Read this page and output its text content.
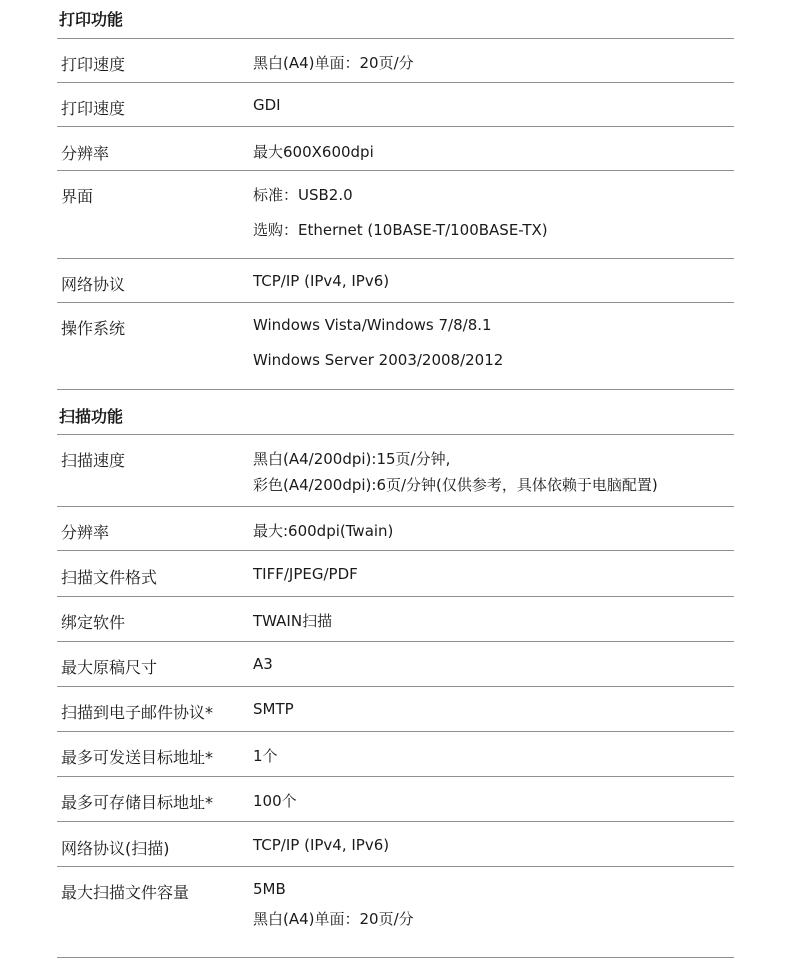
打印功能
打印速度	黑白(A4)单面：20页/分
打印速度	GDI
分辨率	最大600X600dpi
界面	标准：USB2.0
选购：Ethernet (10BASE-T/100BASE-TX)
网络协议	TCP/IP (IPv4, IPv6)
操作系统	Windows Vista/Windows 7/8/8.1
Windows Server 2003/2008/2012
扫描功能
扫描速度	黑白(A4/200dpi):15页/分钟,
彩色(A4/200dpi):6页/分钟(仅供参考，具体依赖于电脑配置)
分辨率	最大:600dpi(Twain)
扫描文件格式	TIFF/JPEG/PDF
绑定软件	TWAIN扫描
最大原稿尺寸	A3
扫描到电子邮件协议*	SMTP
最多可发送目标地址*	1个
最多可存储目标地址*	100个
网络协议(扫描)	TCP/IP (IPv4, IPv6)
最大扫描文件容量	5MB
黑白(A4)单面：20页/分
